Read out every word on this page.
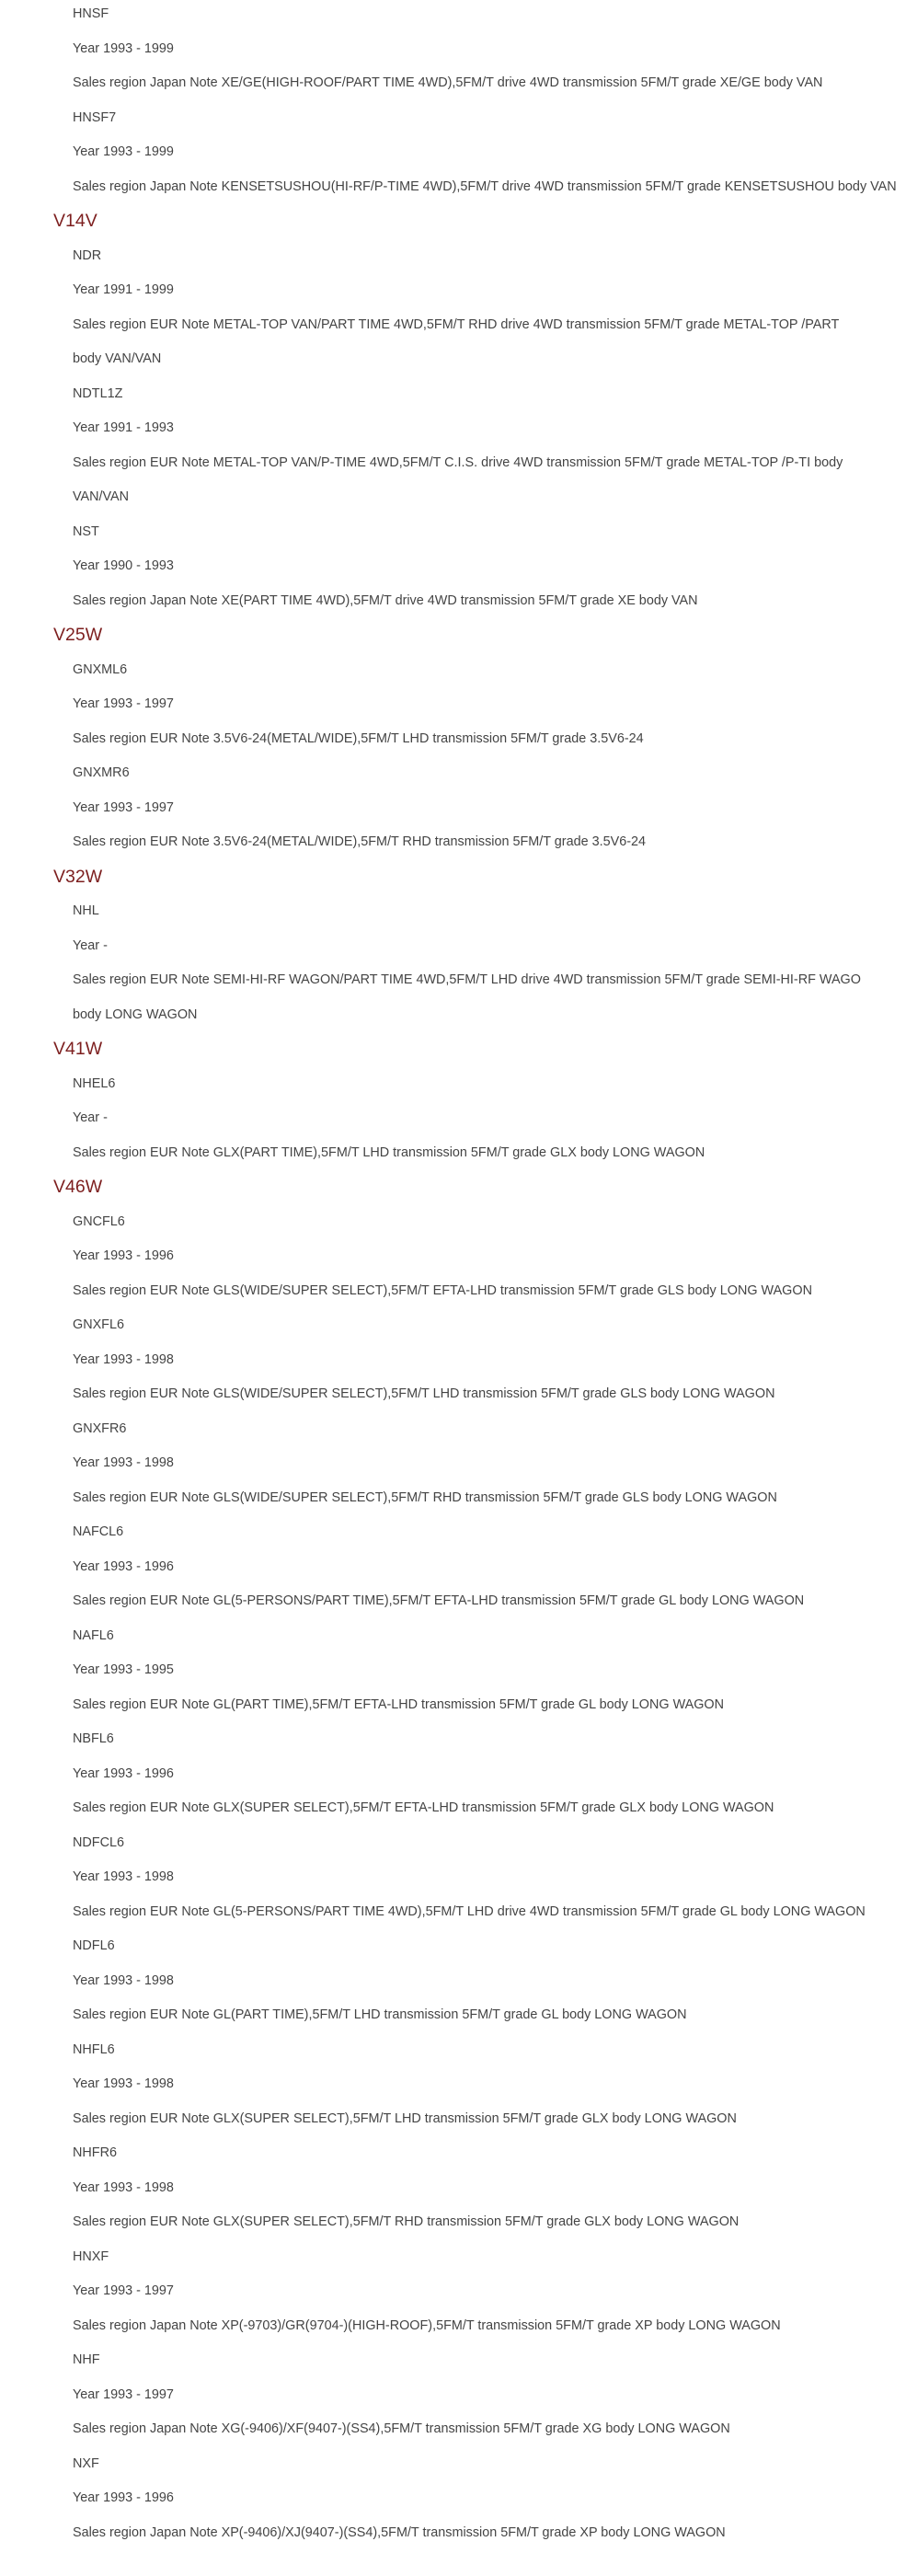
HNSF
Year 1993 - 1999
Sales region Japan Note XE/GE(HIGH-ROOF/PART TIME 4WD),5FM/T drive 4WD transmission 5FM/T grade XE/GE body VAN
HNSF7
Year 1993 - 1999
Sales region Japan Note KENSETSUSHOU(HI-RF/P-TIME 4WD),5FM/T drive 4WD transmission 5FM/T grade KENSETSUSHOU body VAN
V14V
NDR
Year 1991 - 1999
Sales region EUR Note METAL-TOP VAN/PART TIME 4WD,5FM/T RHD drive 4WD transmission 5FM/T grade METAL-TOP /PART
body VAN/VAN
NDTL1Z
Year 1991 - 1993
Sales region EUR Note METAL-TOP VAN/P-TIME 4WD,5FM/T C.I.S. drive 4WD transmission 5FM/T grade METAL-TOP /P-TI body
VAN/VAN
NST
Year 1990 - 1993
Sales region Japan Note XE(PART TIME 4WD),5FM/T drive 4WD transmission 5FM/T grade XE body VAN
V25W
GNXML6
Year 1993 - 1997
Sales region EUR Note 3.5V6-24(METAL/WIDE),5FM/T LHD transmission 5FM/T grade 3.5V6-24
GNXMR6
Year 1993 - 1997
Sales region EUR Note 3.5V6-24(METAL/WIDE),5FM/T RHD transmission 5FM/T grade 3.5V6-24
V32W
NHL
Year -
Sales region EUR Note SEMI-HI-RF WAGON/PART TIME 4WD,5FM/T LHD drive 4WD transmission 5FM/T grade SEMI-HI-RF WAGO
body LONG WAGON
V41W
NHEL6
Year -
Sales region EUR Note GLX(PART TIME),5FM/T LHD transmission 5FM/T grade GLX body LONG WAGON
V46W
GNCFL6
Year 1993 - 1996
Sales region EUR Note GLS(WIDE/SUPER SELECT),5FM/T EFTA-LHD transmission 5FM/T grade GLS body LONG WAGON
GNXFL6
Year 1993 - 1998
Sales region EUR Note GLS(WIDE/SUPER SELECT),5FM/T LHD transmission 5FM/T grade GLS body LONG WAGON
GNXFR6
Year 1993 - 1998
Sales region EUR Note GLS(WIDE/SUPER SELECT),5FM/T RHD transmission 5FM/T grade GLS body LONG WAGON
NAFCL6
Year 1993 - 1996
Sales region EUR Note GL(5-PERSONS/PART TIME),5FM/T EFTA-LHD transmission 5FM/T grade GL body LONG WAGON
NAFL6
Year 1993 - 1995
Sales region EUR Note GL(PART TIME),5FM/T EFTA-LHD transmission 5FM/T grade GL body LONG WAGON
NBFL6
Year 1993 - 1996
Sales region EUR Note GLX(SUPER SELECT),5FM/T EFTA-LHD transmission 5FM/T grade GLX body LONG WAGON
NDFCL6
Year 1993 - 1998
Sales region EUR Note GL(5-PERSONS/PART TIME 4WD),5FM/T LHD drive 4WD transmission 5FM/T grade GL body LONG WAGON
NDFL6
Year 1993 - 1998
Sales region EUR Note GL(PART TIME),5FM/T LHD transmission 5FM/T grade GL body LONG WAGON
NHFL6
Year 1993 - 1998
Sales region EUR Note GLX(SUPER SELECT),5FM/T LHD transmission 5FM/T grade GLX body LONG WAGON
NHFR6
Year 1993 - 1998
Sales region EUR Note GLX(SUPER SELECT),5FM/T RHD transmission 5FM/T grade GLX body LONG WAGON
HNXF
Year 1993 - 1997
Sales region Japan Note XP(-9703)/GR(9704-)(HIGH-ROOF),5FM/T transmission 5FM/T grade XP body LONG WAGON
NHF
Year 1993 - 1997
Sales region Japan Note XG(-9406)/XF(9407-)(SS4),5FM/T transmission 5FM/T grade XG body LONG WAGON
NXF
Year 1993 - 1996
Sales region Japan Note XP(-9406)/XJ(9407-)(SS4),5FM/T transmission 5FM/T grade XP body LONG WAGON
